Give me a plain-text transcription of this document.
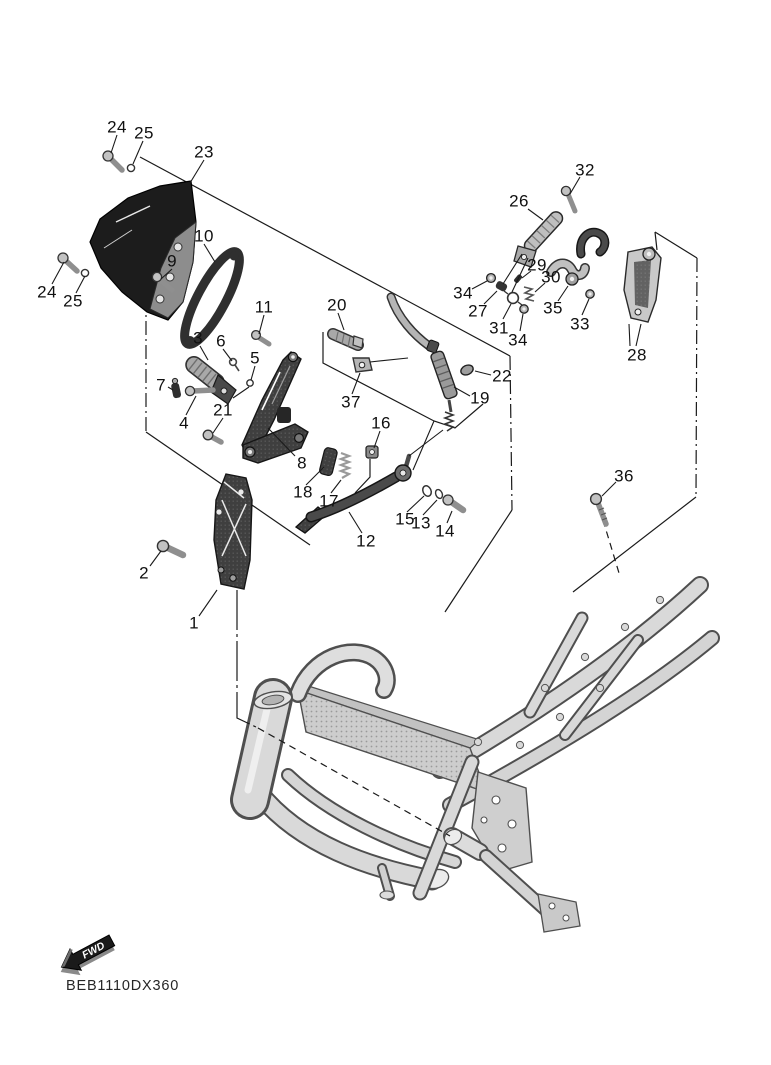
FWD
24 25
23
32
26
10
9	29
30
24	34
25	20
11	35
27
33
31
3	34
6
28
5
22
7
19
37
21
4	16
8
36
18 17
15
13 14
12
2
1
BEB1110DX360
